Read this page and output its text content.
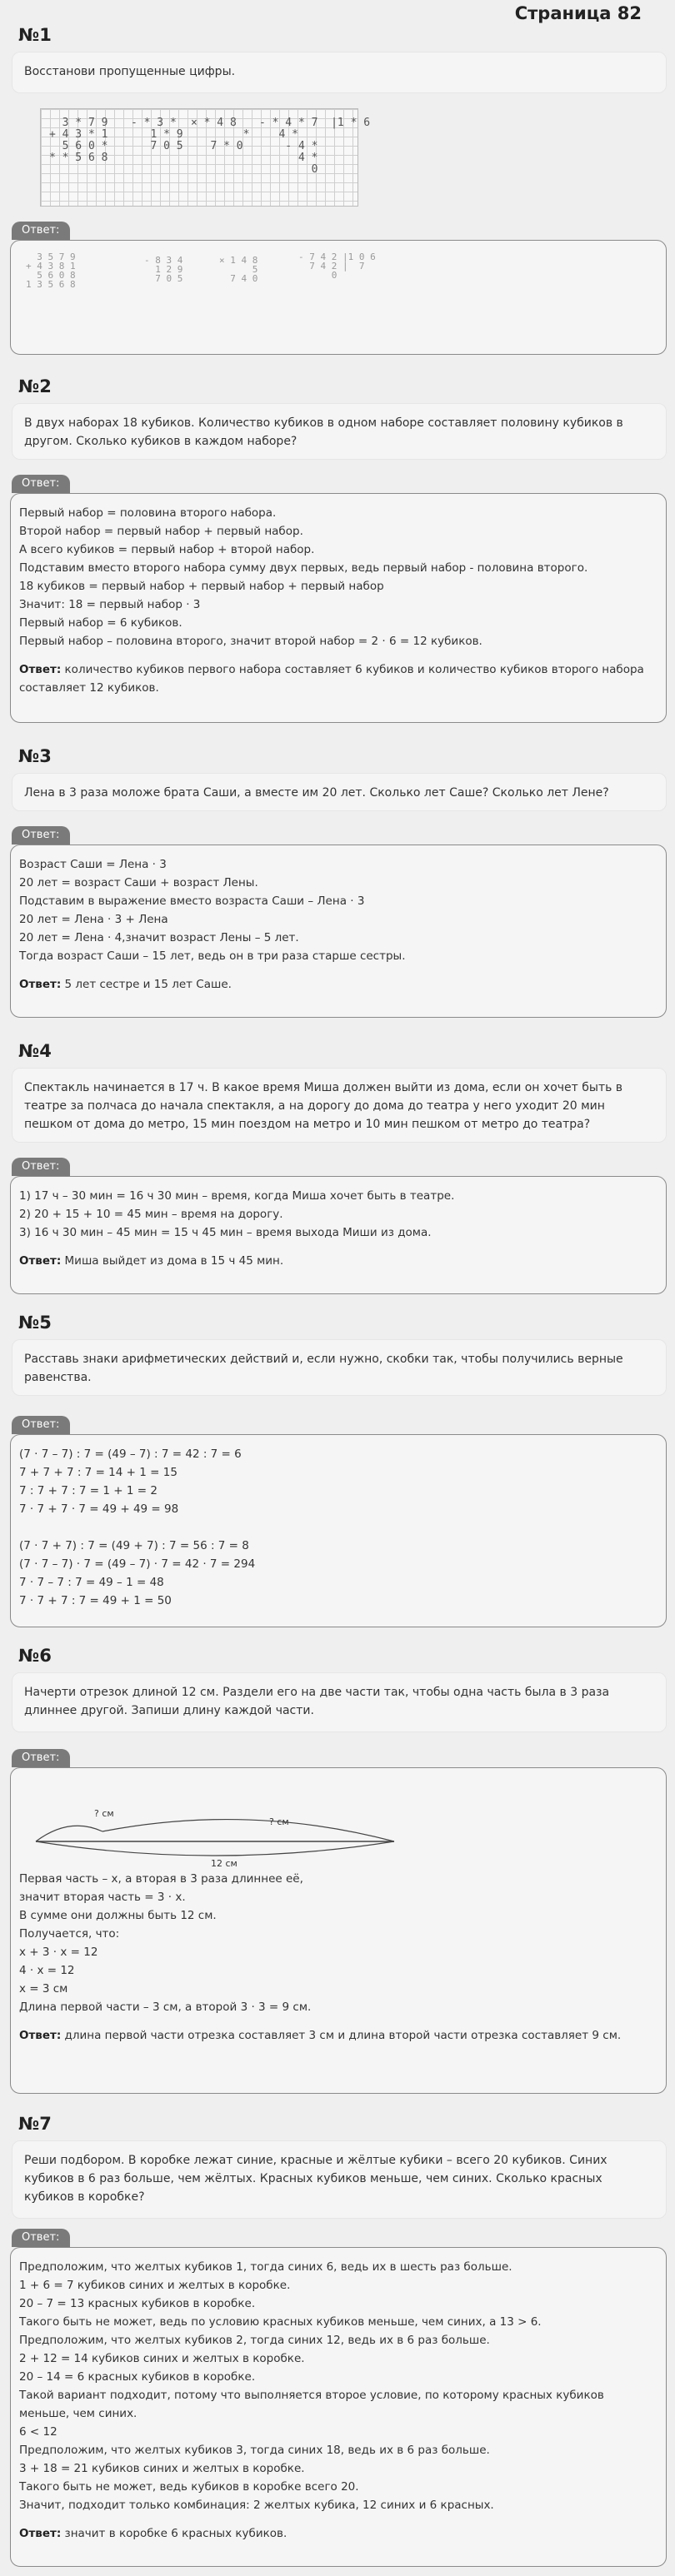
Страница 82
№1
Восстанови пропущенные цифры.
3 * 7 9
+ 4 3 * 1
5 6 0 *
* * 5 6 8
- * 3 *
1 * 9
7 0 5
× * 4 8
*
7 * 0
- * 4 * 7  |1 * 6
4 *
- 4 *
4 *
0
Ответ:
3 5 7 9
+ 4 3 8 1
5 6 0 8
1 3 5 6 8
- 8 3 4
1 2 9
7 0 5
× 1 4 8
5
7 4 0
- 7 4 2 |1 0 6
7 4 2 |  7
0
№2
В двух наборах 18 кубиков. Количество кубиков в одном наборе составляет половину кубиков в другом. Сколько кубиков в каждом наборе?
Ответ:

Первый набор = половина второго набора.

Второй набор = первый набор + первый набор.

А всего кубиков = первый набор + второй набор.

Подставим вместо второго набора сумму двух первых, ведь первый набор - половина второго.

18 кубиков = первый набор + первый набор + первый набор

Значит: 18 = первый набор · 3

Первый набор = 6 кубиков.

Первый набор – половина второго, значит второй набор = 2 · 6 = 12 кубиков.

Ответ: количество кубиков первого набора составляет 6 кубиков и количество кубиков второго набора составляет 12 кубиков.

№3
Лена в 3 раза моложе брата Саши, а вместе им 20 лет. Сколько лет Саше? Сколько лет Лене?
Ответ:

Возраст Саши = Лена · 3

20 лет = возраст Саши + возраст Лены.

Подставим в выражение вместо возраста Саши – Лена · 3

20 лет = Лена · 3 + Лена

20 лет = Лена · 4,значит возраст Лены – 5 лет.

Тогда возраст Саши – 15 лет, ведь он в три раза старше сестры.

Ответ: 5 лет сестре и 15 лет Саше.

№4
Спектакль начинается в 17 ч. В какое время Миша должен выйти из дома, если он хочет быть в театре за полчаса до начала спектакля, а на дорогу до дома до театра у него уходит 20 мин пешком от дома до метро, 15 мин поездом на метро и 10 мин пешком от метро до театра?
Ответ:

1) 17 ч – 30 мин = 16 ч 30 мин – время, когда Миша хочет быть в театре.

2) 20 + 15 + 10 = 45 мин – время на дорогу.

3) 16 ч 30 мин – 45 мин = 15 ч 45 мин – время выхода Миши из дома.

Ответ: Миша выйдет из дома в 15 ч 45 мин.

№5
Расставь знаки арифметических действий и, если нужно, скобки так, чтобы получились верные равенства.
Ответ:

(7 · 7 – 7) : 7 = (49 – 7) : 7 = 42 : 7 = 6

7 + 7 + 7 : 7 = 14 + 1 = 15

7 : 7 + 7 : 7 = 1 + 1 = 2

7 · 7 + 7 · 7 = 49 + 49 = 98

(7 · 7 + 7) : 7 = (49 + 7) : 7 = 56 : 7 = 8

(7 · 7 – 7) · 7 = (49 – 7) · 7 = 42 · 7 = 294

7 · 7 – 7 : 7 = 49 – 1 = 48

7 · 7 + 7 : 7 = 49 + 1 = 50

№6
Начерти отрезок длиной 12 см. Раздели его на две части так, чтобы одна часть была в 3 раза длиннее другой. Запиши длину каждой части.
Ответ:
? см
? см
12 см

Первая часть – х, а вторая в 3 раза длиннее её,

значит вторая часть = 3 · х.

В сумме они должны быть 12 см.

Получается, что:

х + 3 · х = 12

4 · х = 12

х = 3 см

Длина первой части – 3 см, а второй 3 · 3 = 9 см.

Ответ: длина первой части отрезка составляет 3 см и длина второй части отрезка составляет 9 см.

№7
Реши подбором. В коробке лежат синие, красные и жёлтые кубики – всего 20 кубиков. Синих кубиков в 6 раз больше, чем жёлтых. Красных кубиков меньше, чем синих. Сколько красных кубиков в коробке?
Ответ:

Предположим, что желтых кубиков 1, тогда синих 6, ведь их в шесть раз больше.

1 + 6 = 7 кубиков синих и желтых в коробке.

20 – 7 = 13 красных кубиков в коробке.

Такого быть не может, ведь по условию красных кубиков меньше, чем синих, а 13 > 6.

Предположим, что желтых кубиков 2, тогда синих 12, ведь их в 6 раз больше.

2 + 12 = 14 кубиков синих и желтых в коробке.

20 – 14 = 6 красных кубиков в коробке.

Такой вариант подходит, потому что выполняется второе условие, по которому красных кубиков меньше, чем синих.

6 < 12

Предположим, что желтых кубиков 3, тогда синих 18, ведь их в 6 раз больше.

3 + 18 = 21 кубиков синих и желтых в коробке.

Такого быть не может, ведь кубиков в коробке всего 20.

Значит, подходит только комбинация: 2 желтых кубика, 12 синих и 6 красных.

Ответ: значит в коробке 6 красных кубиков.
